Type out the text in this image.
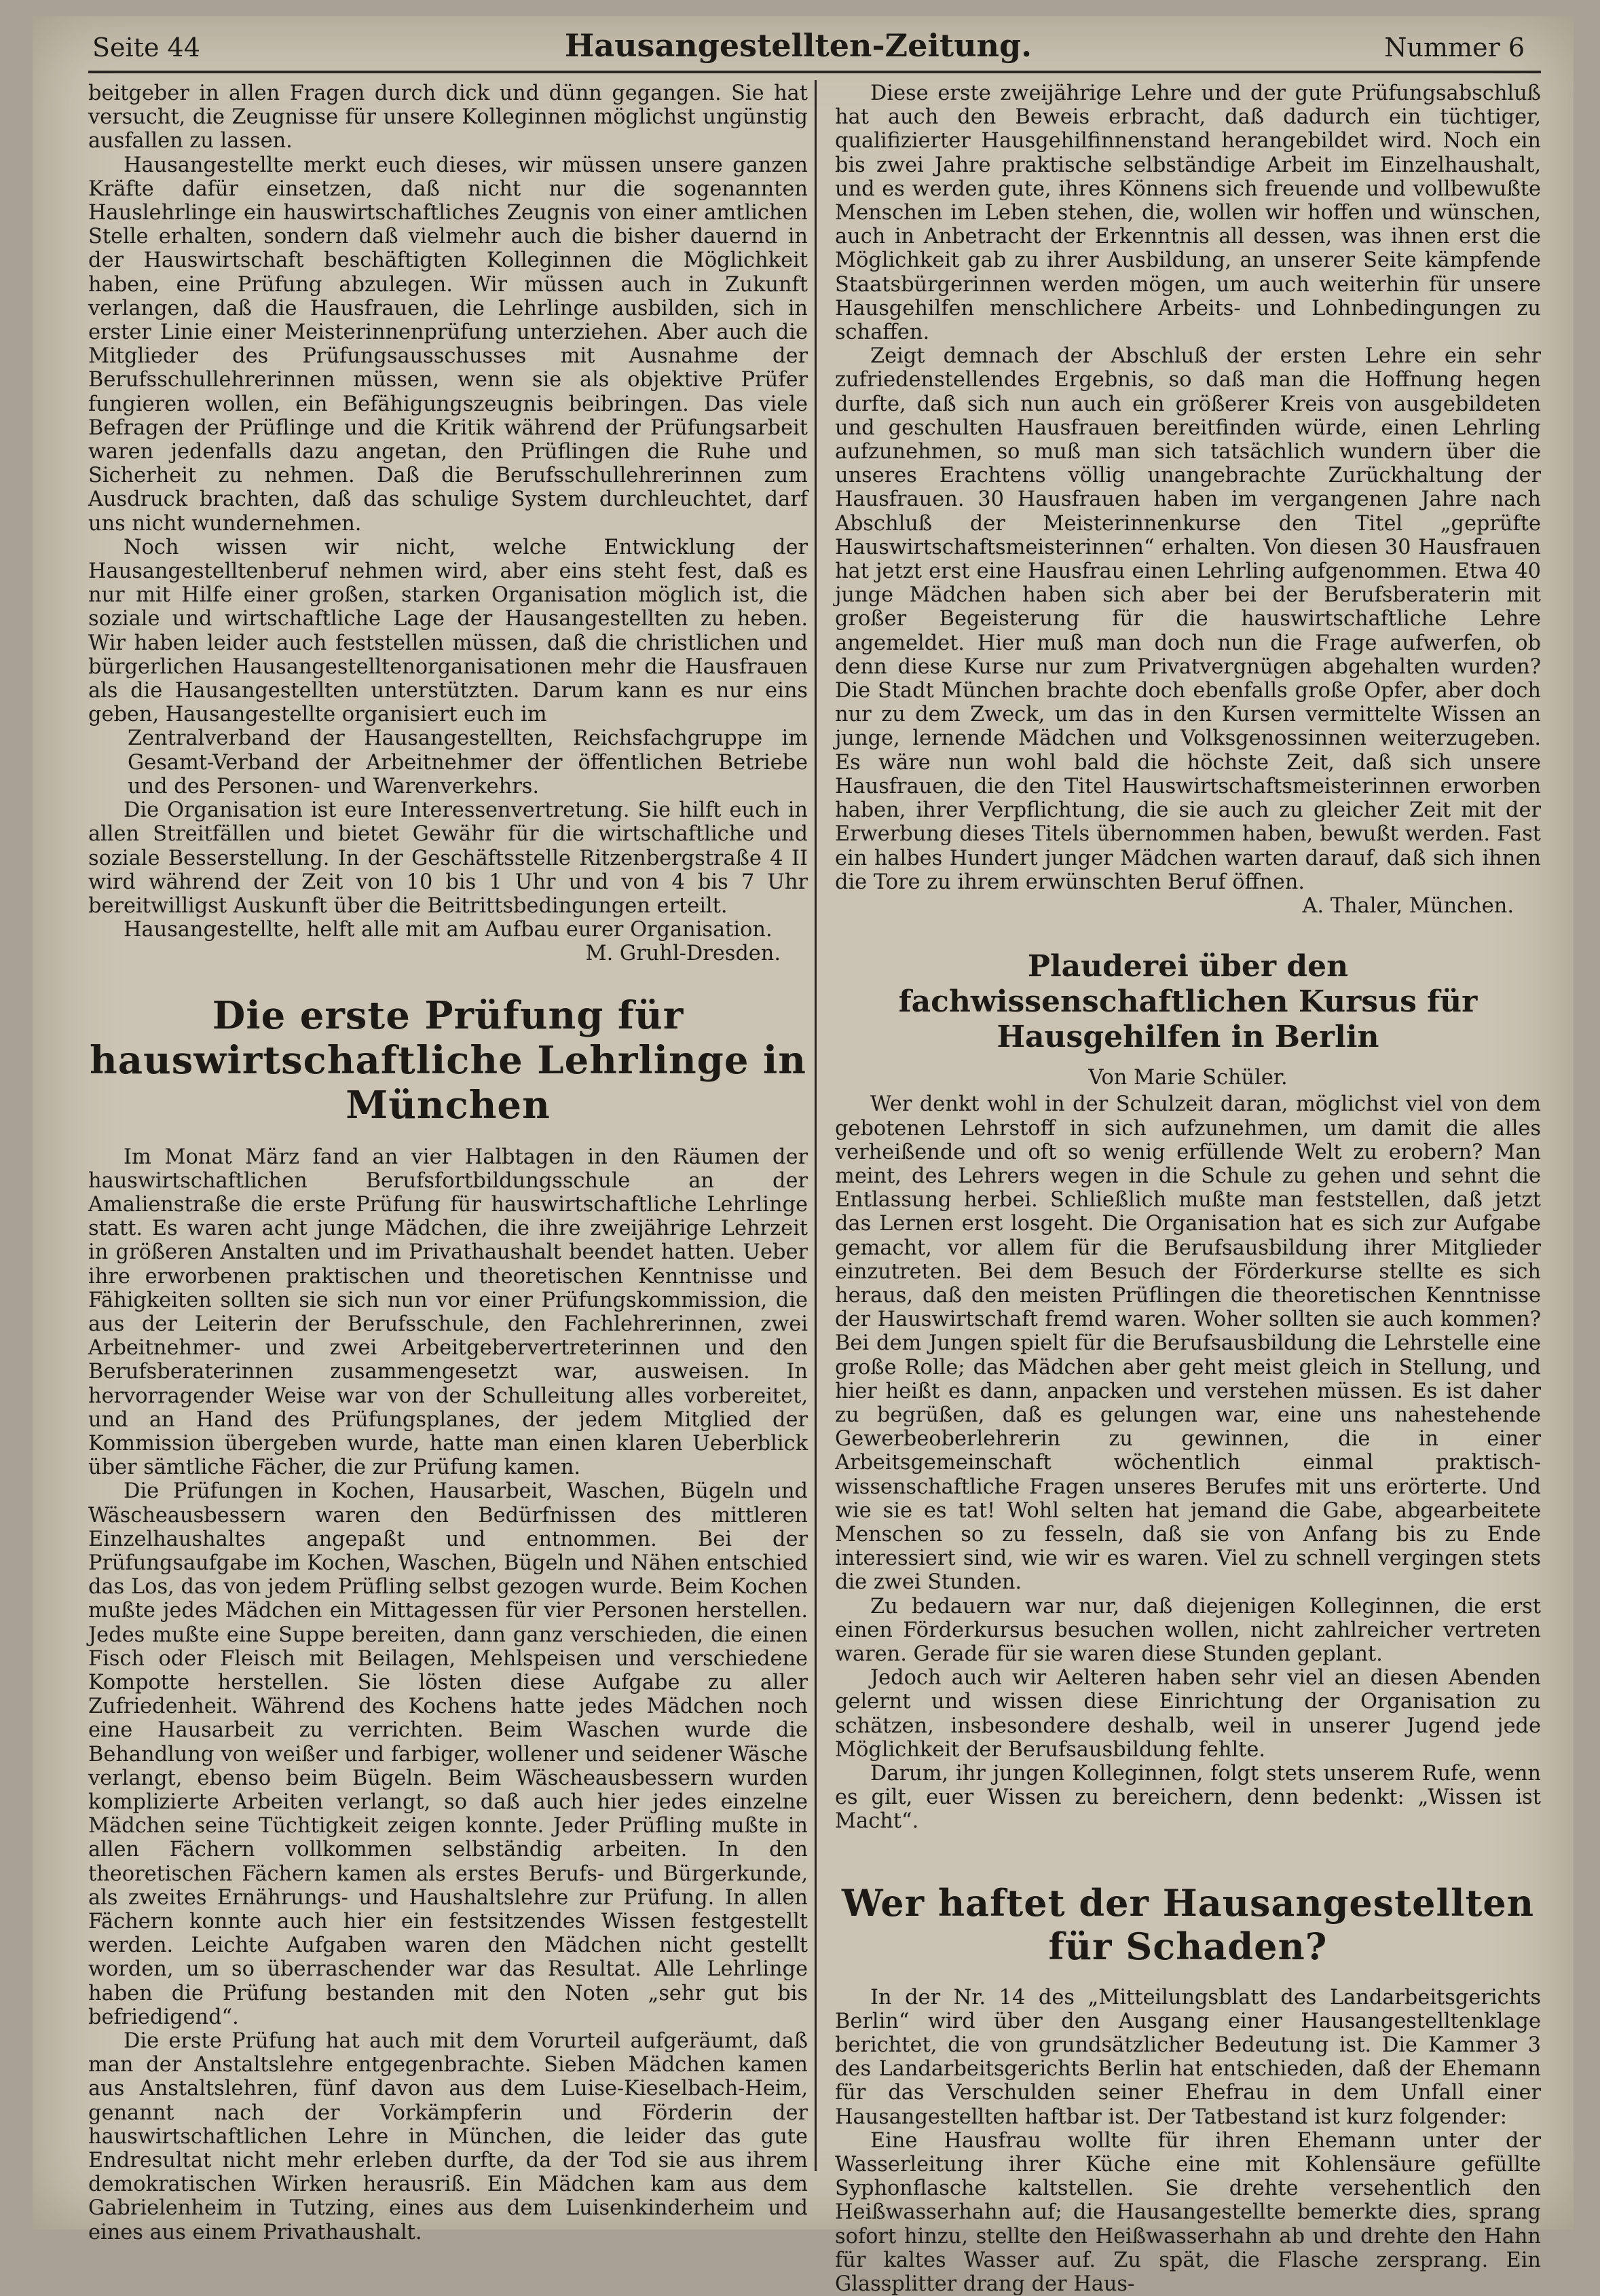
Seite 44	Hausangestellten-Zeitung.	Nummer 6

beitgeber in allen Fragen durch dick und dünn gegangen. Sie hat versucht, die Zeugnisse für unsere Kolleginnen möglichst ungünstig ausfallen zu lassen.

Hausangestellte merkt euch dieses, wir müssen unsere ganzen Kräfte dafür einsetzen, daß nicht nur die sogenannten Hauslehrlinge ein hauswirtschaftliches Zeugnis von einer amtlichen Stelle erhalten, sondern daß vielmehr auch die bisher dauernd in der Hauswirtschaft beschäftigten Kolleginnen die Möglichkeit haben, eine Prüfung abzulegen. Wir müssen auch in Zukunft verlangen, daß die Hausfrauen, die Lehrlinge ausbilden, sich in erster Linie einer Meisterinnenprüfung unterziehen. Aber auch die Mitglieder des Prüfungsausschusses mit Ausnahme der Berufsschullehrerinnen müssen, wenn sie als objektive Prüfer fungieren wollen, ein Befähigungszeugnis beibringen. Das viele Befragen der Prüflinge und die Kritik während der Prüfungsarbeit waren jedenfalls dazu angetan, den Prüflingen die Ruhe und Sicherheit zu nehmen. Daß die Berufsschullehrerinnen zum Ausdruck brachten, daß das schulige System durchleuchtet, darf uns nicht wundernehmen.

Noch wissen wir nicht, welche Entwicklung der Hausangestelltenberuf nehmen wird, aber eins steht fest, daß es nur mit Hilfe einer großen, starken Organisation möglich ist, die soziale und wirtschaftliche Lage der Hausangestellten zu heben. Wir haben leider auch feststellen müssen, daß die christlichen und bürgerlichen Hausangestelltenorganisationen mehr die Hausfrauen als die Hausangestellten unterstützten. Darum kann es nur eins geben, Hausangestellte organisiert euch im

Zentralverband der Hausangestellten, Reichsfachgruppe im Gesamt-Verband der Arbeitnehmer der öffentlichen Betriebe und des Personen- und Warenverkehrs.

Die Organisation ist eure Interessenvertretung. Sie hilft euch in allen Streitfällen und bietet Gewähr für die wirtschaftliche und soziale Besserstellung. In der Geschäftsstelle Ritzenbergstraße 4 II wird während der Zeit von 10 bis 1 Uhr und von 4 bis 7 Uhr bereitwilligst Auskunft über die Beitrittsbedingungen erteilt.

Hausangestellte, helft alle mit am Aufbau eurer Organisation.

M. Gruhl-Dresden.

Die erste Prüfung für hauswirtschaftliche Lehrlinge in München

Im Monat März fand an vier Halbtagen in den Räumen der hauswirtschaftlichen Berufsfortbildungsschule an der Amalienstraße die erste Prüfung für hauswirtschaftliche Lehrlinge statt. Es waren acht junge Mädchen, die ihre zweijährige Lehrzeit in größeren Anstalten und im Privathaushalt beendet hatten. Ueber ihre erworbenen praktischen und theoretischen Kenntnisse und Fähigkeiten sollten sie sich nun vor einer Prüfungskommission, die aus der Leiterin der Berufsschule, den Fachlehrerinnen, zwei Arbeitnehmer- und zwei Arbeitgebervertreterinnen und den Berufsberaterinnen zusammengesetzt war, ausweisen. In hervorragender Weise war von der Schulleitung alles vorbereitet, und an Hand des Prüfungsplanes, der jedem Mitglied der Kommission übergeben wurde, hatte man einen klaren Ueberblick über sämtliche Fächer, die zur Prüfung kamen.

Die Prüfungen in Kochen, Hausarbeit, Waschen, Bügeln und Wäscheausbessern waren den Bedürfnissen des mittleren Einzelhaushaltes angepaßt und entnommen. Bei der Prüfungsaufgabe im Kochen, Waschen, Bügeln und Nähen entschied das Los, das von jedem Prüfling selbst gezogen wurde. Beim Kochen mußte jedes Mädchen ein Mittagessen für vier Personen herstellen. Jedes mußte eine Suppe bereiten, dann ganz verschieden, die einen Fisch oder Fleisch mit Beilagen, Mehlspeisen und verschiedene Kompotte herstellen. Sie lösten diese Aufgabe zu aller Zufriedenheit. Während des Kochens hatte jedes Mädchen noch eine Hausarbeit zu verrichten. Beim Waschen wurde die Behandlung von weißer und farbiger, wollener und seidener Wäsche verlangt, ebenso beim Bügeln. Beim Wäscheausbessern wurden komplizierte Arbeiten verlangt, so daß auch hier jedes einzelne Mädchen seine Tüchtigkeit zeigen konnte. Jeder Prüfling mußte in allen Fächern vollkommen selbständig arbeiten. In den theoretischen Fächern kamen als erstes Berufs- und Bürgerkunde, als zweites Ernährungs- und Haushaltslehre zur Prüfung. In allen Fächern konnte auch hier ein festsitzendes Wissen festgestellt werden. Leichte Aufgaben waren den Mädchen nicht gestellt worden, um so überraschender war das Resultat. Alle Lehrlinge haben die Prüfung bestanden mit den Noten „sehr gut bis befriedigend“.

Die erste Prüfung hat auch mit dem Vorurteil aufgeräumt, daß man der Anstaltslehre entgegenbrachte. Sieben Mädchen kamen aus Anstaltslehren, fünf davon aus dem Luise-Kieselbach-Heim, genannt nach der Vorkämpferin und Förderin der hauswirtschaftlichen Lehre in München, die leider das gute Endresultat nicht mehr erleben durfte, da der Tod sie aus ihrem demokratischen Wirken herausriß. Ein Mädchen kam aus dem Gabrielenheim in Tutzing, eines aus dem Luisenkinderheim und eines aus einem Privathaushalt.

Diese erste zweijährige Lehre und der gute Prüfungsabschluß hat auch den Beweis erbracht, daß dadurch ein tüchtiger, qualifizierter Hausgehilfinnenstand herangebildet wird. Noch ein bis zwei Jahre praktische selbständige Arbeit im Einzelhaushalt, und es werden gute, ihres Könnens sich freuende und vollbewußte Menschen im Leben stehen, die, wollen wir hoffen und wünschen, auch in Anbetracht der Erkenntnis all dessen, was ihnen erst die Möglichkeit gab zu ihrer Ausbildung, an unserer Seite kämpfende Staatsbürgerinnen werden mögen, um auch weiterhin für unsere Hausgehilfen menschlichere Arbeits- und Lohnbedingungen zu schaffen.

Zeigt demnach der Abschluß der ersten Lehre ein sehr zufriedenstellendes Ergebnis, so daß man die Hoffnung hegen durfte, daß sich nun auch ein größerer Kreis von ausgebildeten und geschulten Hausfrauen bereitfinden würde, einen Lehrling aufzunehmen, so muß man sich tatsächlich wundern über die unseres Erachtens völlig unangebrachte Zurückhaltung der Hausfrauen. 30 Hausfrauen haben im vergangenen Jahre nach Abschluß der Meisterinnenkurse den Titel „geprüfte Hauswirtschaftsmeisterinnen“ erhalten. Von diesen 30 Hausfrauen hat jetzt erst eine Hausfrau einen Lehrling aufgenommen. Etwa 40 junge Mädchen haben sich aber bei der Berufsberaterin mit großer Begeisterung für die hauswirtschaftliche Lehre angemeldet. Hier muß man doch nun die Frage aufwerfen, ob denn diese Kurse nur zum Privatvergnügen abgehalten wurden? Die Stadt München brachte doch ebenfalls große Opfer, aber doch nur zu dem Zweck, um das in den Kursen vermittelte Wissen an junge, lernende Mädchen und Volksgenossinnen weiterzugeben. Es wäre nun wohl bald die höchste Zeit, daß sich unsere Hausfrauen, die den Titel Hauswirtschaftsmeisterinnen erworben haben, ihrer Verpflichtung, die sie auch zu gleicher Zeit mit der Erwerbung dieses Titels übernommen haben, bewußt werden. Fast ein halbes Hundert junger Mädchen warten darauf, daß sich ihnen die Tore zu ihrem erwünschten Beruf öffnen.

A. Thaler, München.

Plauderei über den fachwissenschaftlichen Kursus für Hausgehilfen in Berlin

Von Marie Schüler.

Wer denkt wohl in der Schulzeit daran, möglichst viel von dem gebotenen Lehrstoff in sich aufzunehmen, um damit die alles verheißende und oft so wenig erfüllende Welt zu erobern? Man meint, des Lehrers wegen in die Schule zu gehen und sehnt die Entlassung herbei. Schließlich mußte man feststellen, daß jetzt das Lernen erst losgeht. Die Organisation hat es sich zur Aufgabe gemacht, vor allem für die Berufsausbildung ihrer Mitglieder einzutreten. Bei dem Besuch der Förderkurse stellte es sich heraus, daß den meisten Prüflingen die theoretischen Kenntnisse der Hauswirtschaft fremd waren. Woher sollten sie auch kommen? Bei dem Jungen spielt für die Berufsausbildung die Lehrstelle eine große Rolle; das Mädchen aber geht meist gleich in Stellung, und hier heißt es dann, anpacken und verstehen müssen. Es ist daher zu begrüßen, daß es gelungen war, eine uns nahestehende Gewerbeoberlehrerin zu gewinnen, die in einer Arbeitsgemeinschaft wöchentlich einmal praktisch-wissenschaftliche Fragen unseres Berufes mit uns erörterte. Und wie sie es tat! Wohl selten hat jemand die Gabe, abgearbeitete Menschen so zu fesseln, daß sie von Anfang bis zu Ende interessiert sind, wie wir es waren. Viel zu schnell vergingen stets die zwei Stunden.

Zu bedauern war nur, daß diejenigen Kolleginnen, die erst einen Förderkursus besuchen wollen, nicht zahlreicher vertreten waren. Gerade für sie waren diese Stunden geplant.

Jedoch auch wir Aelteren haben sehr viel an diesen Abenden gelernt und wissen diese Einrichtung der Organisation zu schätzen, insbesondere deshalb, weil in unserer Jugend jede Möglichkeit der Berufsausbildung fehlte.

Darum, ihr jungen Kolleginnen, folgt stets unserem Rufe, wenn es gilt, euer Wissen zu bereichern, denn bedenkt: „Wissen ist Macht“.

Wer haftet der Hausangestellten für Schaden?

In der Nr. 14 des „Mitteilungsblatt des Landarbeitsgerichts Berlin“ wird über den Ausgang einer Hausangestelltenklage berichtet, die von grundsätzlicher Bedeutung ist. Die Kammer 3 des Landarbeitsgerichts Berlin hat entschieden, daß der Ehemann für das Verschulden seiner Ehefrau in dem Unfall einer Hausangestellten haftbar ist. Der Tatbestand ist kurz folgender:

Eine Hausfrau wollte für ihren Ehemann unter der Wasserleitung ihrer Küche eine mit Kohlensäure gefüllte Syphonflasche kaltstellen. Sie drehte versehentlich den Heißwasserhahn auf; die Hausangestellte bemerkte dies, sprang sofort hinzu, stellte den Heißwasserhahn ab und drehte den Hahn für kaltes Wasser auf. Zu spät, die Flasche zersprang. Ein Glassplitter drang der Haus-
